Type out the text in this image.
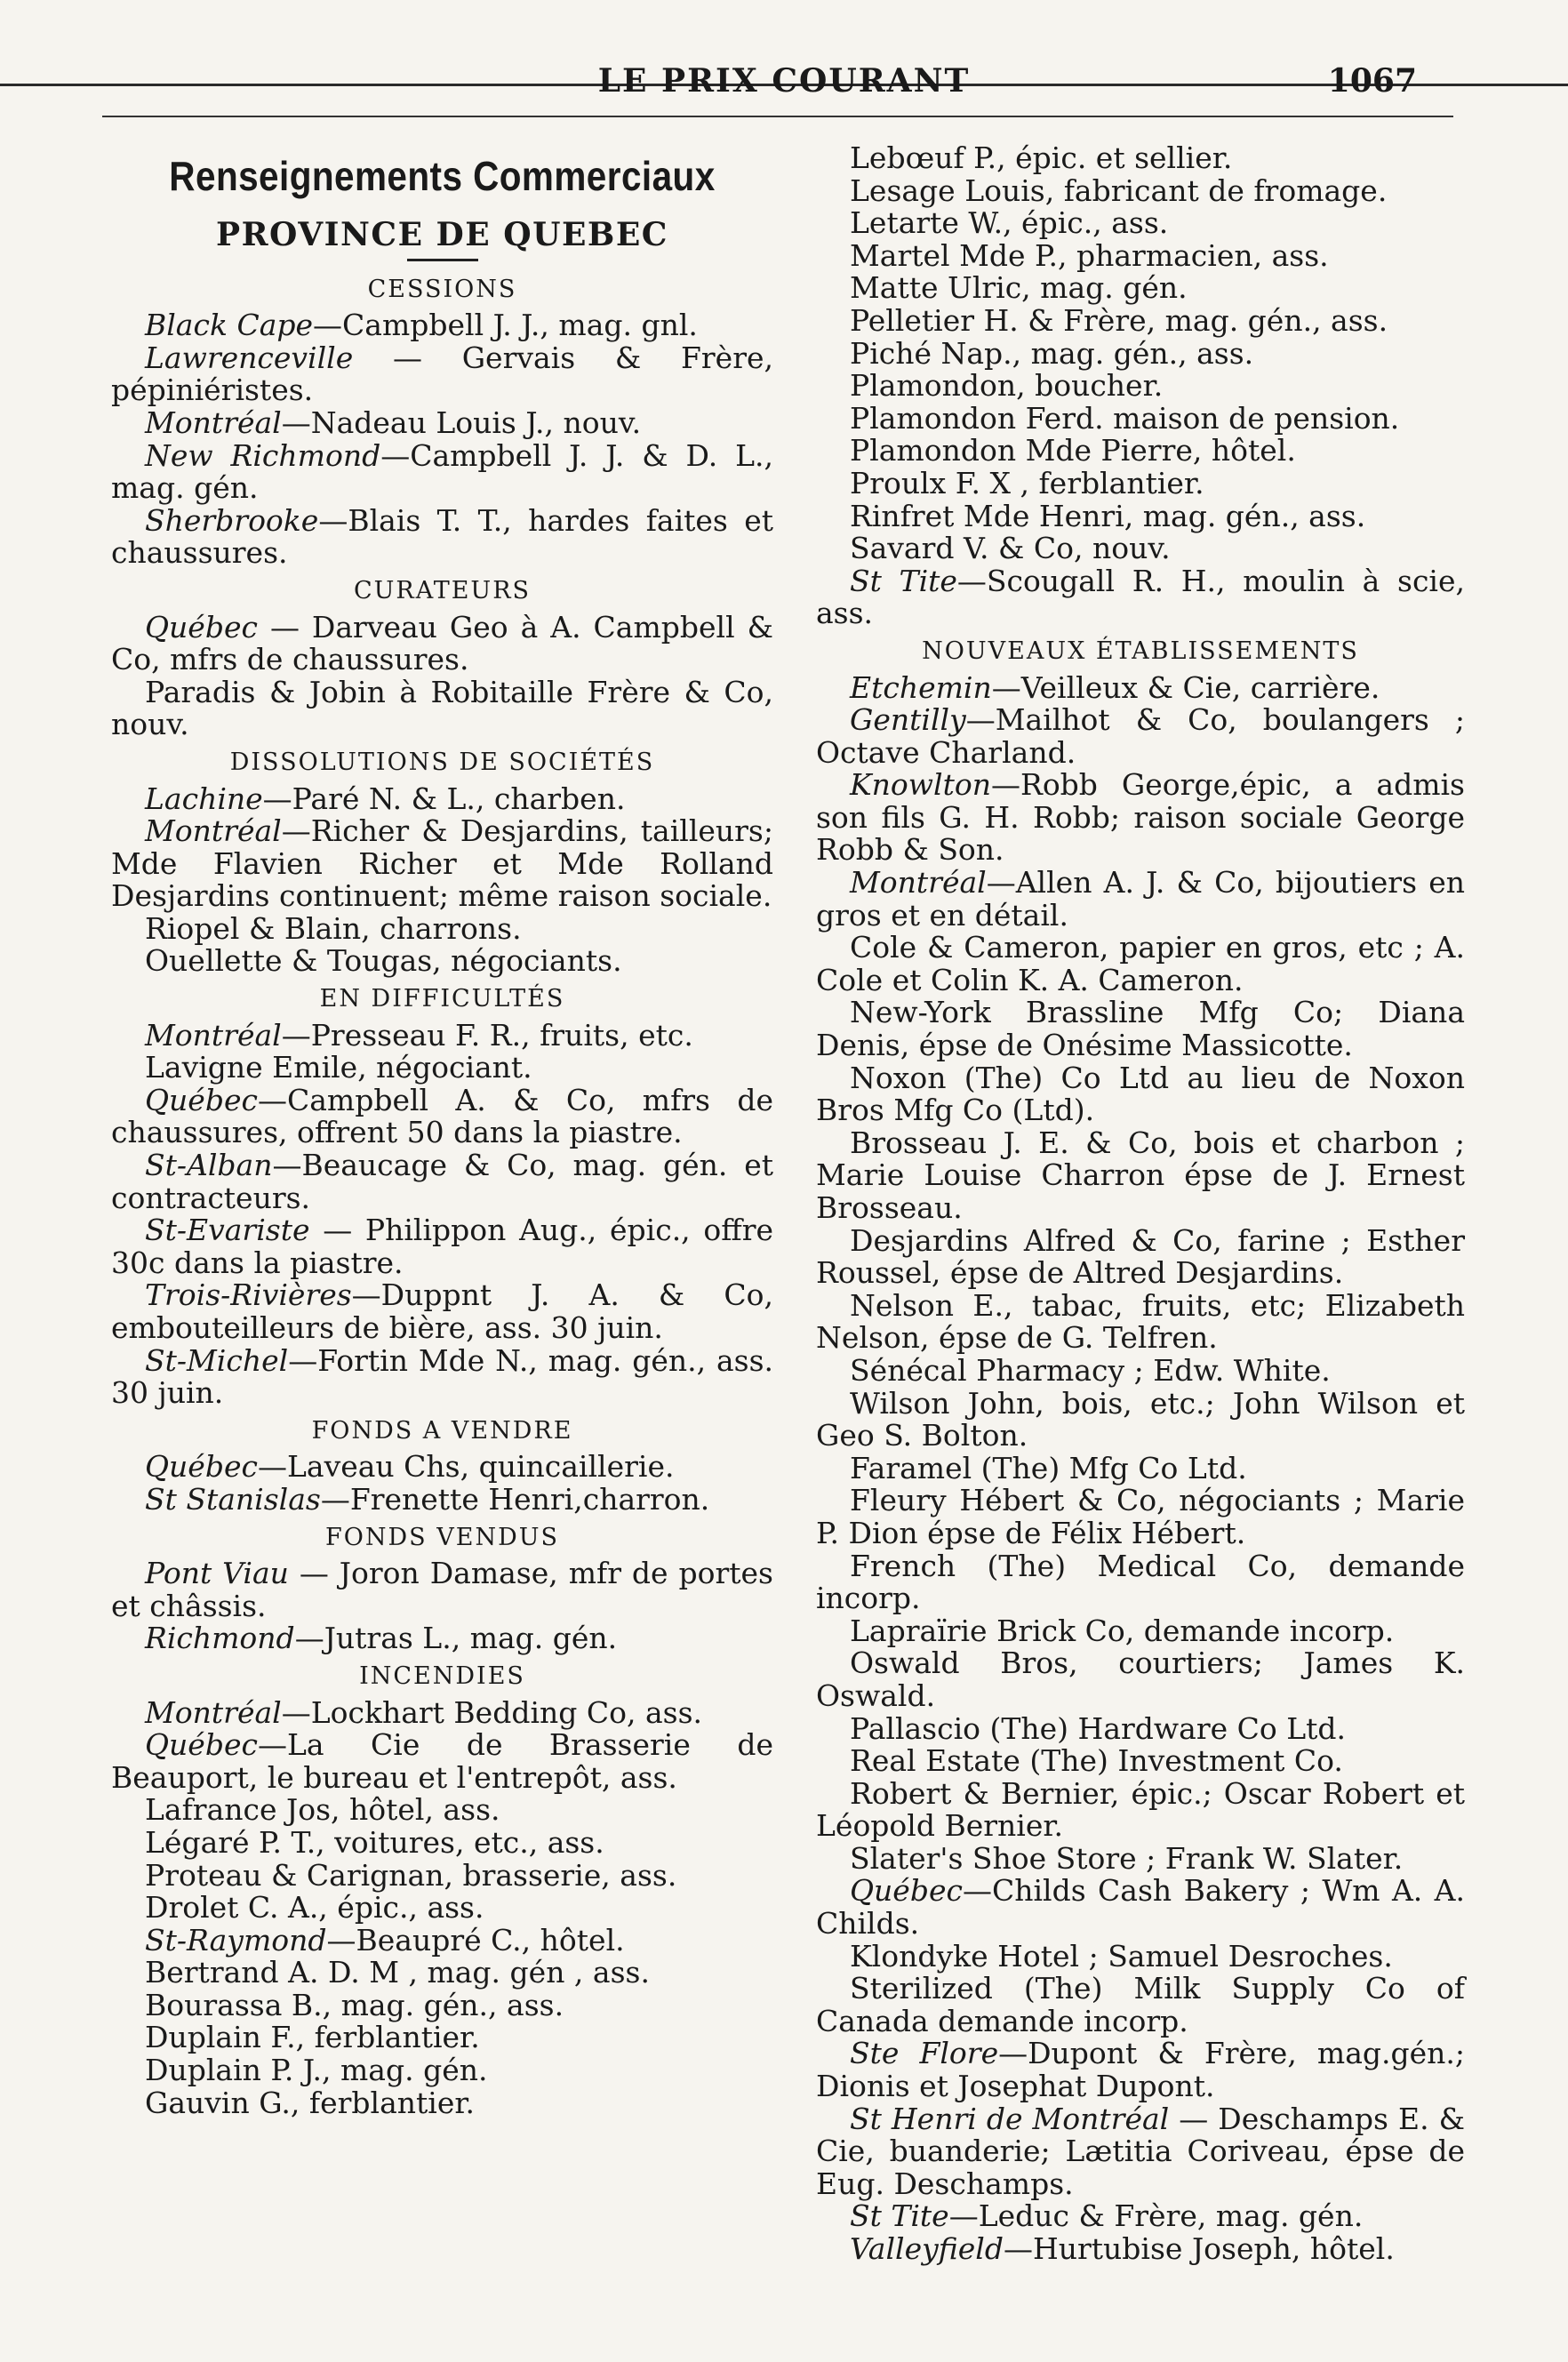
LE PRIX COURANT	1067
Renseignements Commerciaux
PROVINCE DE QUEBEC
CESSIONS

Black Cape—Campbell J. J., mag. gnl.

Lawrenceville — Gervais & Frère, pépiniéristes.

Montréal—Nadeau Louis J., nouv.

New Richmond—Campbell J. J. & D. L., mag. gén.

Sherbrooke—Blais T. T., hardes faites et chaussures.

CURATEURS

Québec — Darveau Geo à A. Campbell & Co, mfrs de chaussures.

Paradis & Jobin à Robitaille Frère & Co, nouv.

DISSOLUTIONS DE SOCIÉTÉS

Lachine—Paré N. & L., charben.

Montréal—Richer & Desjardins, tailleurs; Mde Flavien Richer et Mde Rolland Desjardins continuent; même raison sociale.

Riopel & Blain, charrons.

Ouellette & Tougas, négociants.

EN DIFFICULTÉS

Montréal—Presseau F. R., fruits, etc.

Lavigne Emile, négociant.

Québec—Campbell A. & Co, mfrs de chaussures, offrent 50 dans la piastre.

St-Alban—Beaucage & Co, mag. gén. et contracteurs.

St-Evariste — Philippon Aug., épic., offre 30c dans la piastre.

Trois-Rivières—Duppnt J. A. & Co, embouteilleurs de bière, ass. 30 juin.

St-Michel—Fortin Mde N., mag. gén., ass. 30 juin.

FONDS A VENDRE

Québec—Laveau Chs, quincaillerie.

St Stanislas—Frenette Henri,charron.

FONDS VENDUS

Pont Viau — Joron Damase, mfr de portes et châssis.

Richmond—Jutras L., mag. gén.

INCENDIES

Montréal—Lockhart Bedding Co, ass.

Québec—La Cie de Brasserie de Beauport, le bureau et l'entrepôt, ass.

Lafrance Jos, hôtel, ass.

Légaré P. T., voitures, etc., ass.

Proteau & Carignan, brasserie, ass.

Drolet C. A., épic., ass.

St-Raymond—Beaupré C., hôtel.

Bertrand A. D. M , mag. gén , ass.

Bourassa B., mag. gén., ass.

Duplain F., ferblantier.

Duplain P. J., mag. gén.

Gauvin G., ferblantier.

Lebœuf P., épic. et sellier.

Lesage Louis, fabricant de fromage.

Letarte W., épic., ass.

Martel Mde P., pharmacien, ass.

Matte Ulric, mag. gén.

Pelletier H. & Frère, mag. gén., ass.

Piché Nap., mag. gén., ass.

Plamondon, boucher.

Plamondon Ferd. maison de pension.

Plamondon Mde Pierre, hôtel.

Proulx F. X , ferblantier.

Rinfret Mde Henri, mag. gén., ass.

Savard V. & Co, nouv.

St Tite—Scougall R. H., moulin à scie, ass.

NOUVEAUX ÉTABLISSEMENTS

Etchemin—Veilleux & Cie, carrière.

Gentilly—Mailhot & Co, boulangers ; Octave Charland.

Knowlton—Robb George,épic, a admis son fils G. H. Robb; raison sociale George Robb & Son.

Montréal—Allen A. J. & Co, bijoutiers en gros et en détail.

Cole & Cameron, papier en gros, etc ; A. Cole et Colin K. A. Cameron.

New-York Brassline Mfg Co; Diana Denis, épse de Onésime Massicotte.

Noxon (The) Co Ltd au lieu de Noxon Bros Mfg Co (Ltd).

Brosseau J. E. & Co, bois et charbon ; Marie Louise Charron épse de J. Ernest Brosseau.

Desjardins Alfred & Co, farine ; Esther Roussel, épse de Altred Desjardins.

Nelson E., tabac, fruits, etc; Elizabeth Nelson, épse de G. Telfren.

Sénécal Pharmacy ; Edw. White.

Wilson John, bois, etc.; John Wilson et Geo S. Bolton.

Faramel (The) Mfg Co Ltd.

Fleury Hébert & Co, négociants ; Marie P. Dion épse de Félix Hébert.

French (The) Medical Co, demande incorp.

Lapraïrie Brick Co, demande incorp.

Oswald Bros, courtiers; James K. Oswald.

Pallascio (The) Hardware Co Ltd.

Real Estate (The) Investment Co.

Robert & Bernier, épic.; Oscar Robert et Léopold Bernier.

Slater's Shoe Store ; Frank W. Slater.

Québec—Childs Cash Bakery ; Wm A. A. Childs.

Klondyke Hotel ; Samuel Desroches.

Sterilized (The) Milk Supply Co of Canada demande incorp.

Ste Flore—Dupont & Frère, mag.gén.; Dionis et Josephat Dupont.

St Henri de Montréal — Deschamps E. & Cie, buanderie; Lætitia Coriveau, épse de Eug. Deschamps.

St Tite—Leduc & Frère, mag. gén.

Valleyfield—Hurtubise Joseph, hôtel.
